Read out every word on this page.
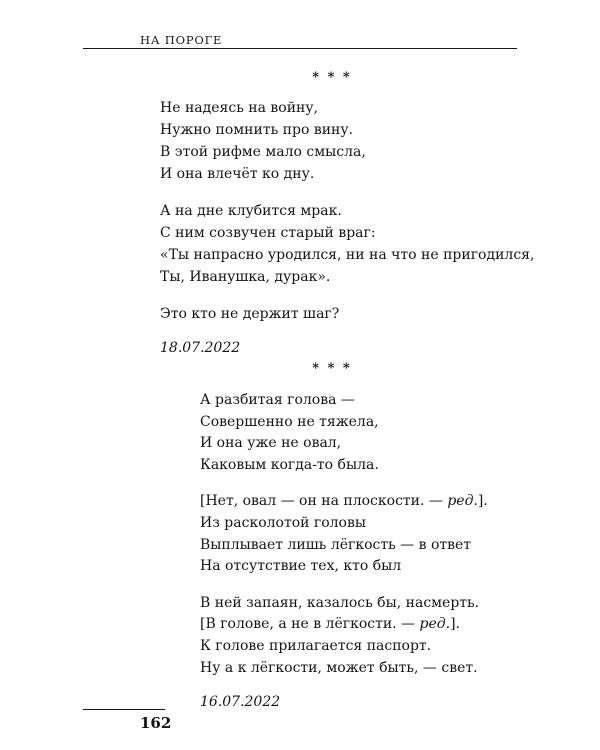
НА ПОРОГЕ
* * *
Не надеясь на войну,
Нужно помнить про вину.
В этой рифме мало смысла,
И она влечёт ко дну.
А на дне клубится мрак.
С ним созвучен старый враг:
«Ты напрасно уродился, ни на что не пригодился,
Ты, Иванушка, дурак».
Это кто не держит шаг?
18.07.2022
* * *
А разбитая голова —
Совершенно не тяжела,
И она уже не овал,
Каковым когда-то была.
[Нет, овал — он на плоскости. — ред.].
Из расколотой головы
Выплывает лишь лёгкость — в ответ
На отсутствие тех, кто был
В ней запаян, казалось бы, насмерть.
[В голове, а не в лёгкости. — ред.].
К голове прилагается паспорт.
Ну а к лёгкости, может быть, — свет.
16.07.2022
162
